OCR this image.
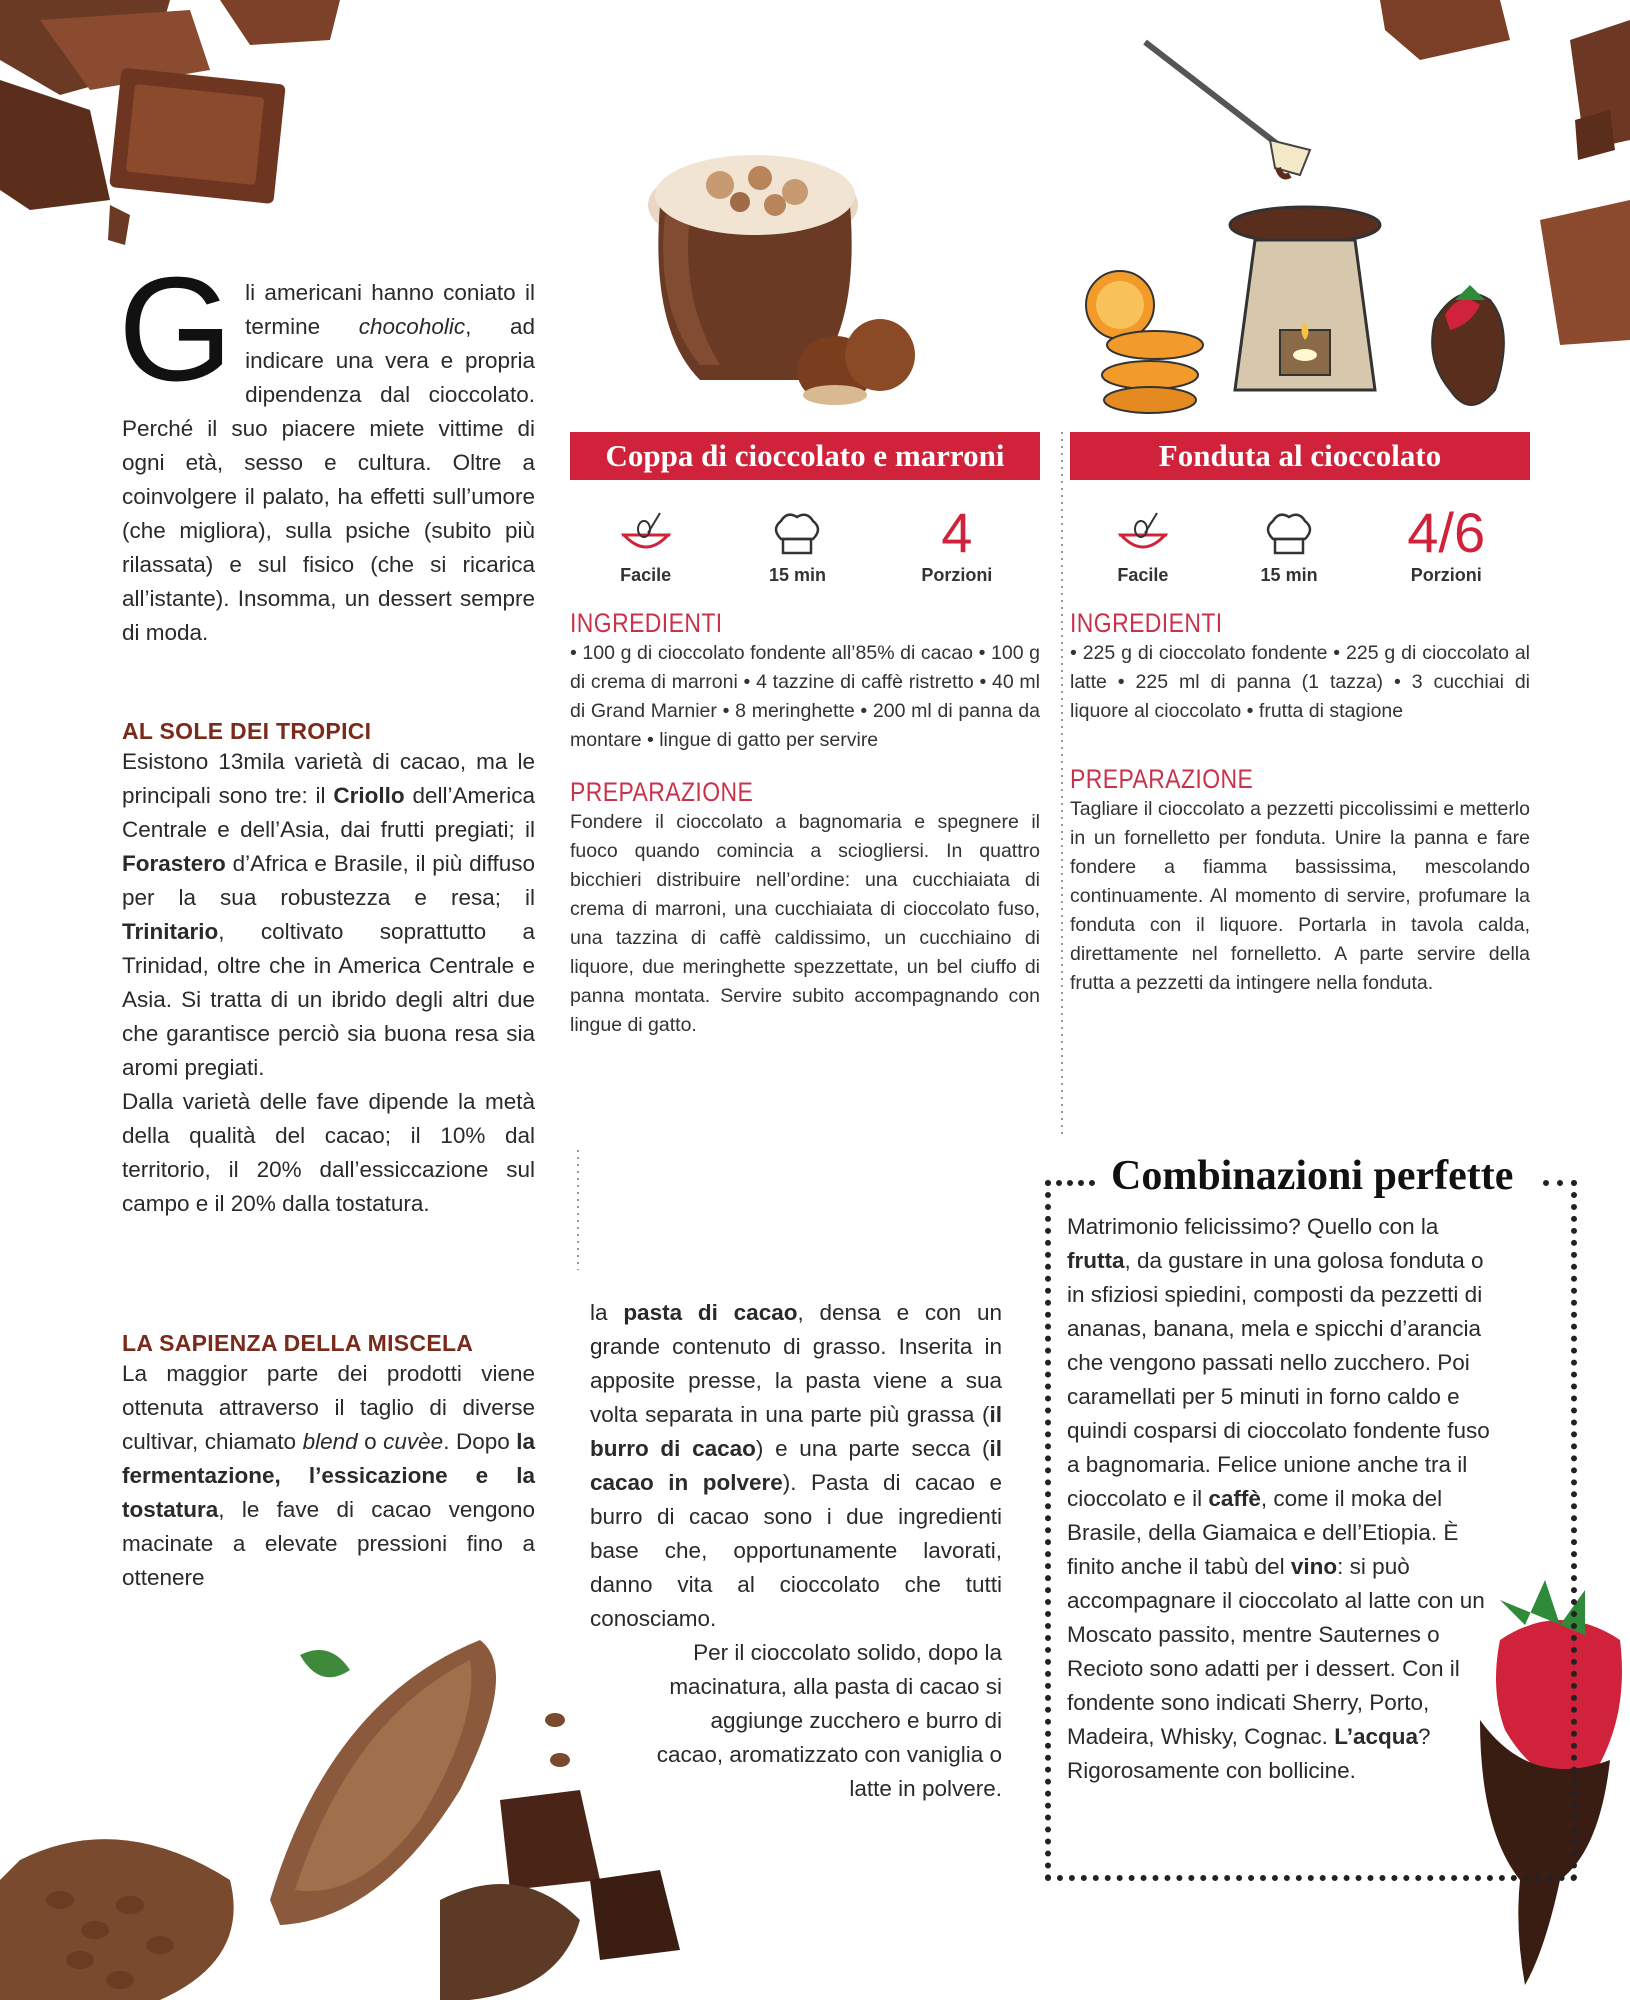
G li americani hanno coniato il termine chocoholic, ad indicare una vera e propria dipendenza dal cioccolato. Perché il suo piacere miete vittime di ogni età, sesso e cultura. Oltre a coinvolgere il palato, ha effetti sull’umore (che migliora), sulla psiche (subito più rilassata) e sul fisico (che si ricarica all’istante). Insomma, un dessert sempre di moda.

AL SOLE DEI TROPICI

Esistono 13mila varietà di cacao, ma le principali sono tre: il Criollo dell’America Centrale e dell’Asia, dai frutti pregiati; il Forastero d’Africa e Brasile, il più diffuso per la sua robustezza e resa; il Trinitario, coltivato soprattutto a Trinidad, oltre che in America Centrale e Asia. Si tratta di un ibrido degli altri due che garantisce perciò sia buona resa sia aromi pregiati.

Dalla varietà delle fave dipende la metà della qualità del cacao; il 10% dal territorio, il 20% dall’essiccazione sul campo e il 20% dalla tostatura.

LA SAPIENZA DELLA MISCELA

La maggior parte dei prodotti viene ottenuta attraverso il taglio di diverse cultivar, chiamato blend o cuvèe. Dopo la fermentazione, l’essicazione e la tostatura, le fave di cacao vengono macinate a elevate pressioni fino a ottenere

Coppa di cioccolato e marroni
Facile	15 min
4
Porzioni
INGREDIENTI

• 100 g di cioccolato fondente all’85% di cacao • 100 g di crema di marroni • 4 tazzine di caffè ristretto • 40 ml di Grand Marnier • 8 meringhette • 200 ml di panna da montare • lingue di gatto per servire

PREPARAZIONE

Fondere il cioccolato a bagnomaria e spegnere il fuoco quando comincia a sciogliersi. In quattro bicchieri distribuire nell’ordine: una cucchiaiata di crema di marroni, una cucchiaiata di cioccolato fuso, una tazzina di caffè caldissimo, un cucchiaino di liquore, due meringhette spezzettate, un bel ciuffo di panna montata. Servire subito accompagnando con lingue di gatto.

Fonduta al cioccolato
Facile	15 min
4/6
Porzioni
INGREDIENTI

• 225 g di cioccolato fondente • 225 g di cioccolato al latte • 225 ml di panna (1 tazza) • 3 cucchiai di liquore al cioccolato • frutta di stagione

PREPARAZIONE

Tagliare il cioccolato a pezzetti piccolissimi e metterlo in un fornelletto per fonduta. Unire la panna e fare fondere a fiamma bassissima, mescolando continuamente. Al momento di servire, profumare la fonduta con il liquore. Portarla in tavola calda, direttamente nel fornelletto. A parte servire della frutta a pezzetti da intingere nella fonduta.

la pasta di cacao, densa e con un grande contenuto di grasso. Inserita in apposite presse, la pasta viene a sua volta separata in una parte più grassa (il burro di cacao) e una parte secca (il cacao in polvere). Pasta di cacao e burro di cacao sono i due ingredienti base che, opportunamente lavorati, danno vita al cioccolato che tutti conosciamo.

Per il cioccolato solido, dopo la macinatura, alla pasta di cacao si aggiunge zucchero e burro di cacao, aromatizzato con vaniglia o latte in polvere.

Combinazioni perfette

Matrimonio felicissimo? Quello con la frutta, da gustare in una golosa fonduta o in sfiziosi spiedini, composti da pezzetti di ananas, banana, mela e spicchi d’arancia che vengono passati nello zucchero. Poi caramellati per 5 minuti in forno caldo e quindi cosparsi di cioccolato fondente fuso a bagnomaria. Felice unione anche tra il cioccolato e il caffè, come il moka del Brasile, della Giamaica e dell’Etiopia. È finito anche il tabù del vino: si può accompagnare il cioccolato al latte con un Moscato passito, mentre Sauternes o Recioto sono adatti per i dessert. Con il fondente sono indicati Sherry, Porto, Madeira, Whisky, Cognac. L’acqua? Rigorosamente con bollicine.
